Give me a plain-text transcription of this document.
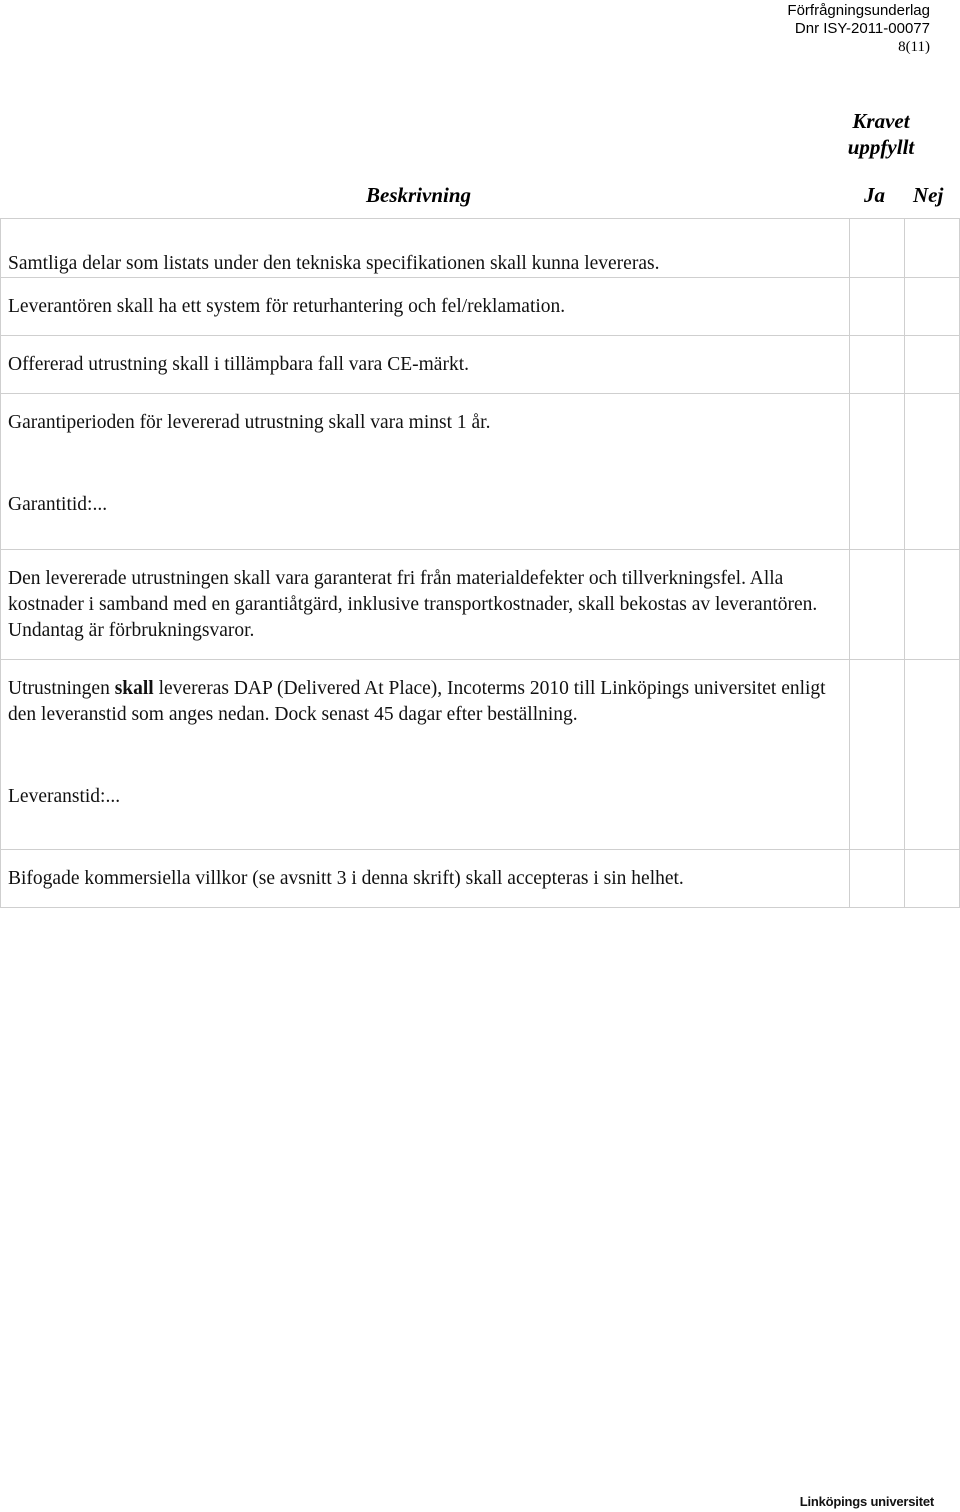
Förfrågningsunderlag
Dnr ISY-2011-00077
8(11)
Kravet
uppfyllt
Beskrivning	Ja Nej
Samtliga delar som listats under den tekniska specifikationen skall kunna levereras.		

Leverantören skall ha ett system för returhantering och fel/reklamation.		

Offererad utrustning skall i tillämpbara fall vara CE-märkt.		

Garantiperioden för levererad utrustning skall vara minst 1 år.
Garantitid:...		

Den levererade utrustningen skall vara garanterat fri från materialdefekter och tillverkningsfel. Alla kostnader i samband med en garantiåtgärd, inklusive transportkostnader, skall bekostas av leverantören. Undantag är förbrukningsvaror.		

Utrustningen skall levereras DAP (Delivered At Place), Incoterms 2010 till Linköpings universitet enligt den leveranstid som anges nedan. Dock senast 45 dagar efter beställning.
Leveranstid:...		

Bifogade kommersiella villkor (se avsnitt 3 i denna skrift) skall accepteras i sin helhet.		

Linköpings universitet
